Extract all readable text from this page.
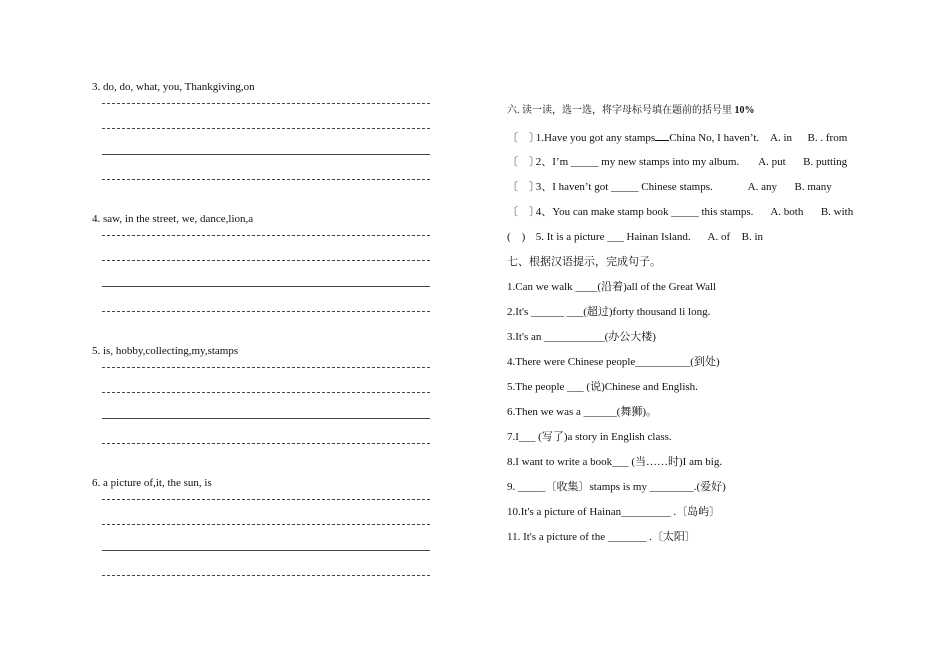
3. do, do, what, you, Thankgiving,on
4. saw, in the street, we, dance,lion,a
5. is, hobby,collecting,my,stamps
6. a picture of,it, the sun, is
六. 读一读，选一选，将字母标号填在题前的括号里 10%
〔　〕 1.Have you got any stamps China No, I haven’t. A. in B. . from
〔　〕 2、I’m _____ my new stamps into my album. A. put B. putting
〔　〕 3、I haven’t got _____ Chinese stamps.	A. any B. many
〔　〕 4、You can make stamp book _____ this stamps. A. both B. with
(　) 5. It is a picture ___ Hainan Island. A. of B. in
七、根据汉语提示，完成句子。
1.Can we walk ____(沿着)all of the Great Wall
2.It's ______ ___(超过)forty thousand li long.
3.It's an ___________(办公大楼)
4.There were Chinese people__________(到处)
5.The people ___ (说)Chinese and English.
6.Then we was a ______(舞狮)。
7.I___ (写了)a story in English class.
8.I want to write a book___ (当……时)I am big.
9. _____〔收集〕stamps is my ________.(爱好)
10.It's a picture of Hainan_________ .〔岛屿〕
11. It's a picture of the _______ .〔太阳〕
